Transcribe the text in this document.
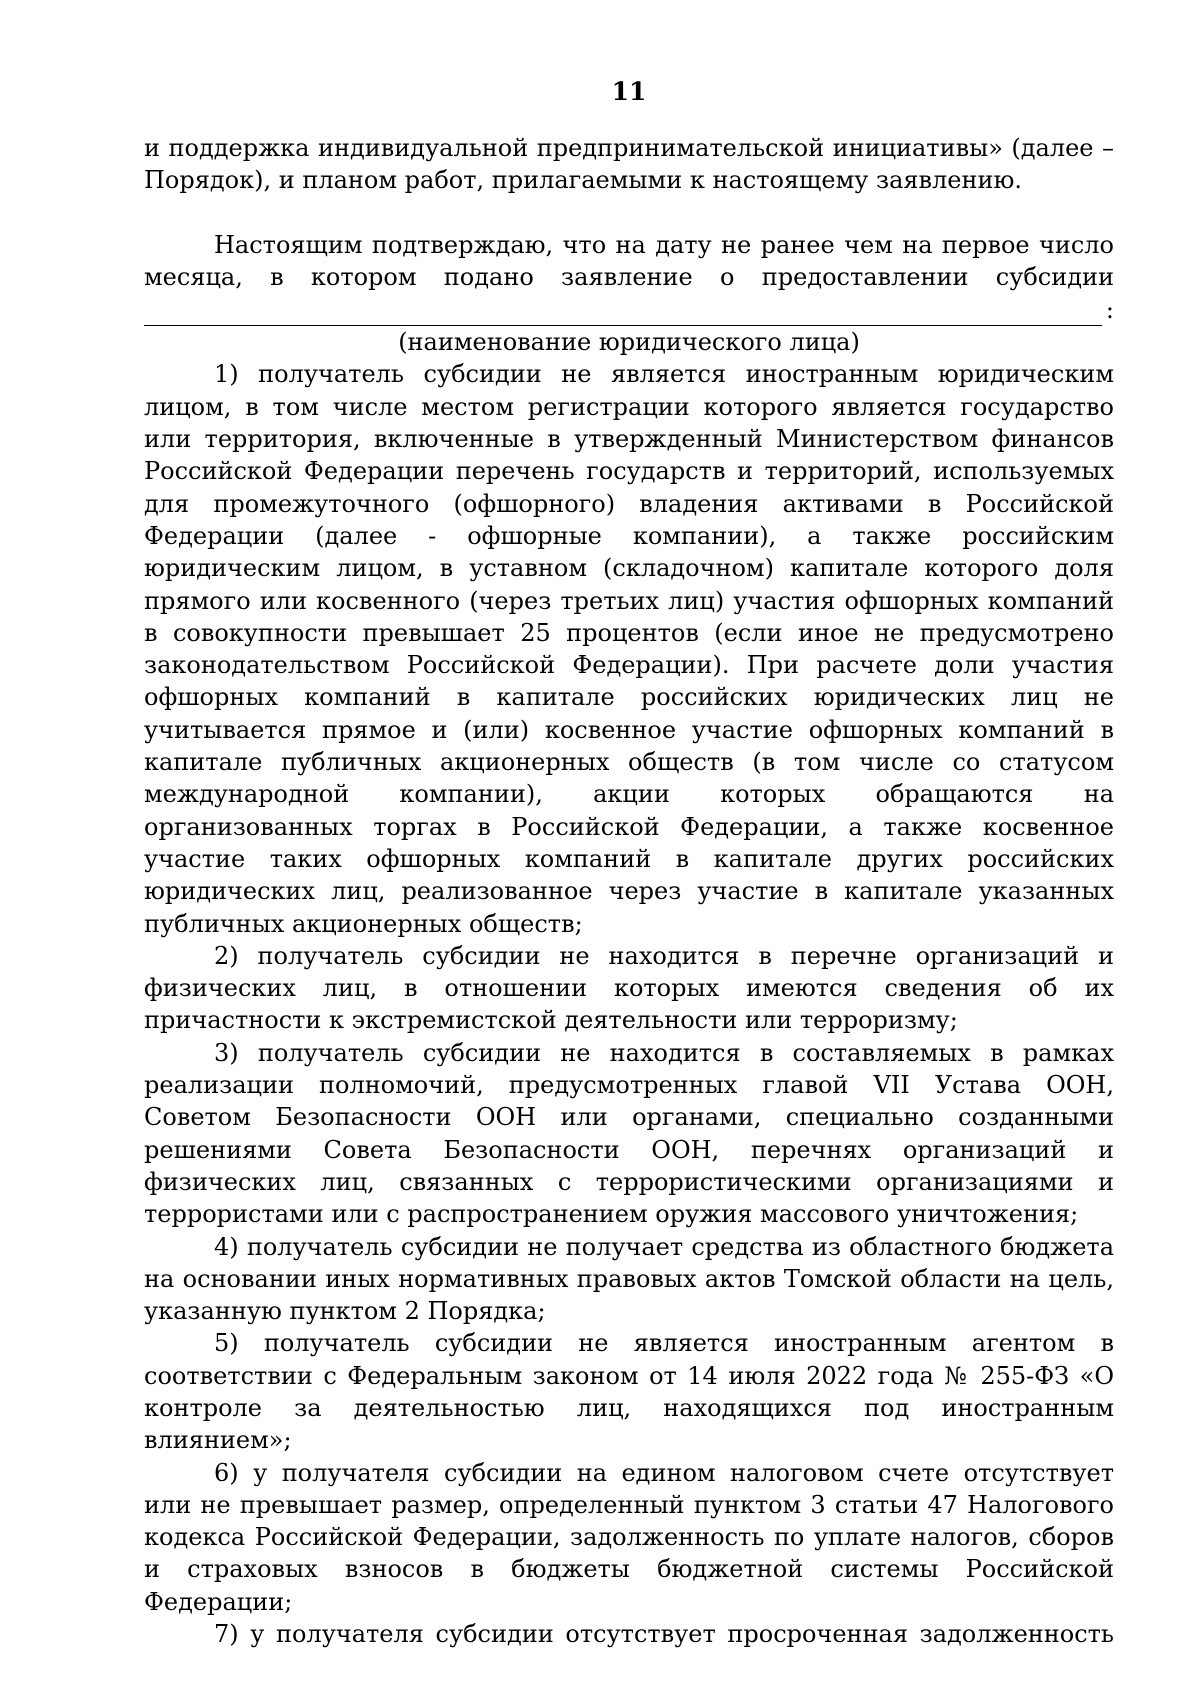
11

и поддержка индивидуальной предпринимательской инициативы» (далее –

Порядок), и планом работ, прилагаемыми к настоящему заявлению.

Настоящим подтверждаю, что на дату не ранее чем на первое число

месяца, в котором подано заявление о предоставлении субсидии

:

(наименование юридического лица)

1) получатель субсидии не является иностранным юридическим лицом, в том числе местом регистрации которого является государство или территория, включенные в утвержденный Министерством финансов Российской Федерации перечень государств и территорий, используемых для промежуточного (офшорного) владения активами в Российской Федерации (далее - офшорные компании), а также российским юридическим лицом, в уставном (складочном) капитале которого доля прямого или косвенного (через третьих лиц) участия офшорных компаний в совокупности превышает 25 процентов (если иное не предусмотрено законодательством Российской Федерации). При расчете доли участия офшорных компаний в капитале российских юридических лиц не учитывается прямое и (или) косвенное участие офшорных компаний в капитале публичных акционерных обществ (в том числе со статусом международной компании), акции которых обращаются на организованных торгах в Российской Федерации, а также косвенное участие таких офшорных компаний в капитале других российских юридических лиц, реализованное через участие в капитале указанных публичных акционерных обществ;

2) получатель субсидии не находится в перечне организаций и физических лиц, в отношении которых имеются сведения об их причастности к экстремистской деятельности или терроризму;

3) получатель субсидии не находится в составляемых в рамках реализации полномочий, предусмотренных главой VII Устава ООН, Советом Безопасности ООН или органами, специально созданными решениями Совета Безопасности ООН, перечнях организаций и физических лиц, связанных с террористическими организациями и террористами или с распространением оружия массового уничтожения;

4) получатель субсидии не получает средства из областного бюджета на основании иных нормативных правовых актов Томской области на цель, указанную пунктом 2 Порядка;

5) получатель субсидии не является иностранным агентом в соответствии с Федеральным законом от 14 июля 2022 года № 255-ФЗ «О контроле за деятельностью лиц, находящихся под иностранным влиянием»;

6) у получателя субсидии на едином налоговом счете отсутствует или не превышает размер, определенный пунктом 3 статьи 47 Налогового кодекса Российской Федерации, задолженность по уплате налогов, сборов и страховых взносов в бюджеты бюджетной системы Российской Федерации;

7) у получателя субсидии отсутствует просроченная задолженность
